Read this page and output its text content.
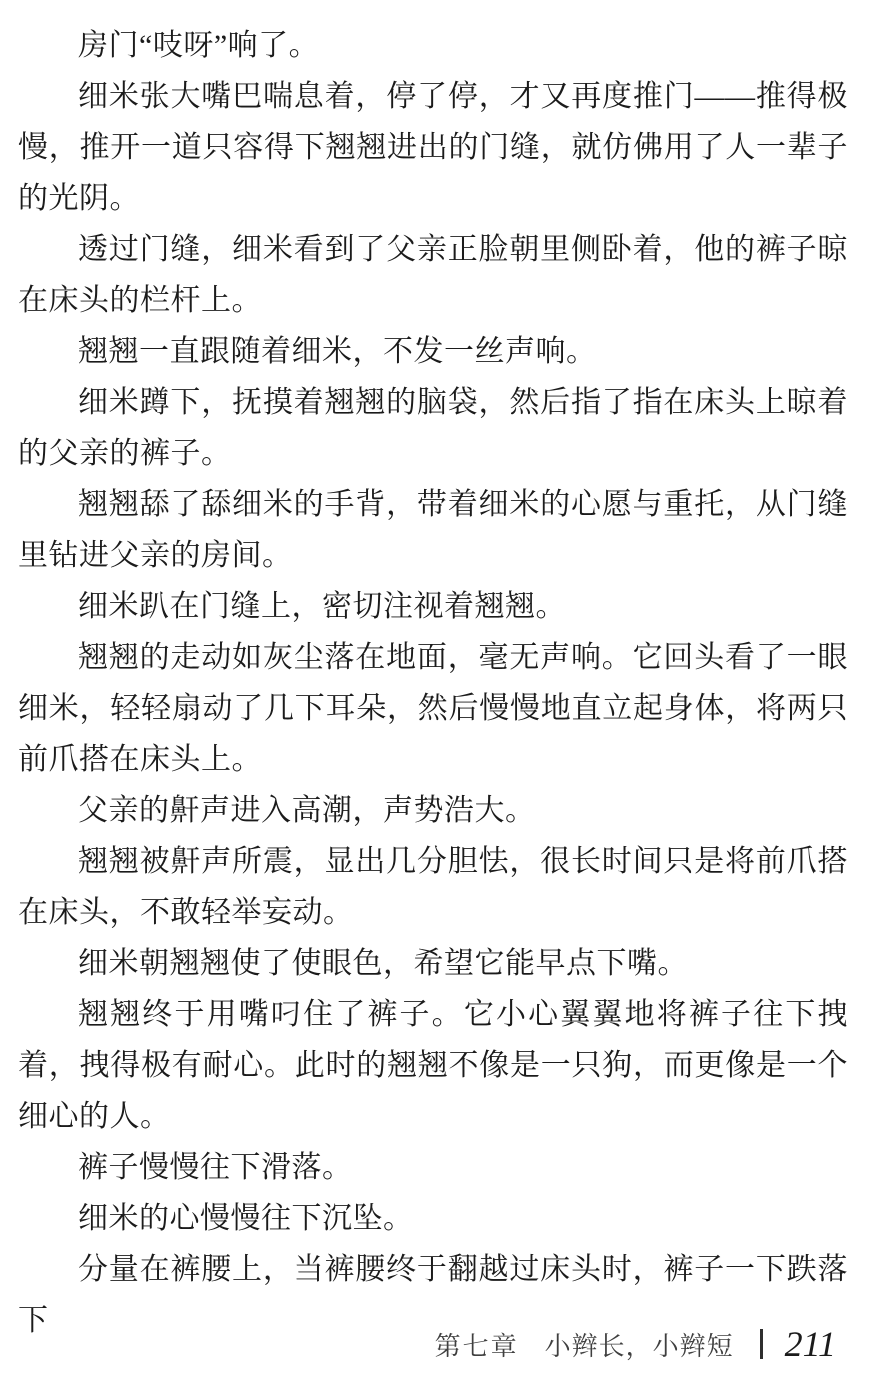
房门“吱呀”响了。

细米张大嘴巴喘息着，停了停，才又再度推门——推得极慢，推开一道只容得下翘翘进出的门缝，就仿佛用了人一辈子的光阴。

透过门缝，细米看到了父亲正脸朝里侧卧着，他的裤子晾在床头的栏杆上。

翘翘一直跟随着细米，不发一丝声响。

细米蹲下，抚摸着翘翘的脑袋，然后指了指在床头上晾着的父亲的裤子。

翘翘舔了舔细米的手背，带着细米的心愿与重托，从门缝里钻进父亲的房间。

细米趴在门缝上，密切注视着翘翘。

翘翘的走动如灰尘落在地面，毫无声响。它回头看了一眼细米，轻轻扇动了几下耳朵，然后慢慢地直立起身体，将两只前爪搭在床头上。

父亲的鼾声进入高潮，声势浩大。

翘翘被鼾声所震，显出几分胆怯，很长时间只是将前爪搭在床头，不敢轻举妄动。

细米朝翘翘使了使眼色，希望它能早点下嘴。

翘翘终于用嘴叼住了裤子。它小心翼翼地将裤子往下拽着，拽得极有耐心。此时的翘翘不像是一只狗，而更像是一个细心的人。

裤子慢慢往下滑落。

细米的心慢慢往下沉坠。

分量在裤腰上，当裤腰终于翻越过床头时，裤子一下跌落下

第七章 小辫长，小辫短 211
